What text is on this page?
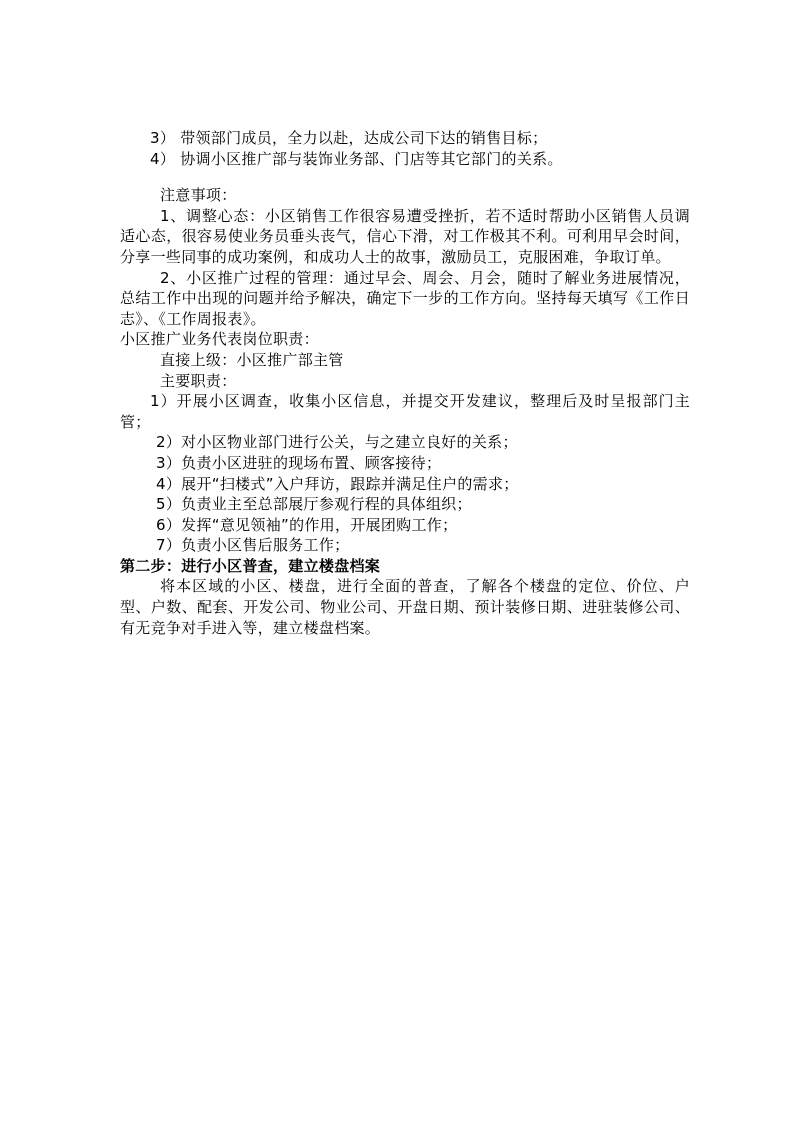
3） 带领部门成员，全力以赴，达成公司下达的销售目标；
4） 协调小区推广部与装饰业务部、门店等其它部门的关系。
注意事项：
1、调整心态：小区销售工作很容易遭受挫折，若不适时帮助小区销售人员调适心态，很容易使业务员垂头丧气，信心下滑，对工作极其不利。可利用早会时间，分享一些同事的成功案例，和成功人士的故事，激励员工，克服困难，争取订单。
2、小区推广过程的管理：通过早会、周会、月会，随时了解业务进展情况，总结工作中出现的问题并给予解决，确定下一步的工作方向。坚持每天填写《工作日志》、《工作周报表》。
小区推广业务代表岗位职责：
直接上级：小区推广部主管
主要职责：
1）开展小区调查，收集小区信息，并提交开发建议，整理后及时呈报部门主管；
2）对小区物业部门进行公关，与之建立良好的关系；
3）负责小区进驻的现场布置、顾客接待；
4）展开“扫楼式”入户拜访，跟踪并满足住户的需求；
5）负责业主至总部展厅参观行程的具体组织；
6）发挥“意见领袖”的作用，开展团购工作；
7）负责小区售后服务工作；
第二步：进行小区普查，建立楼盘档案
将本区域的小区、楼盘，进行全面的普查，了解各个楼盘的定位、价位、户型、户数、配套、开发公司、物业公司、开盘日期、预计装修日期、进驻装修公司、有无竞争对手进入等，建立楼盘档案。
